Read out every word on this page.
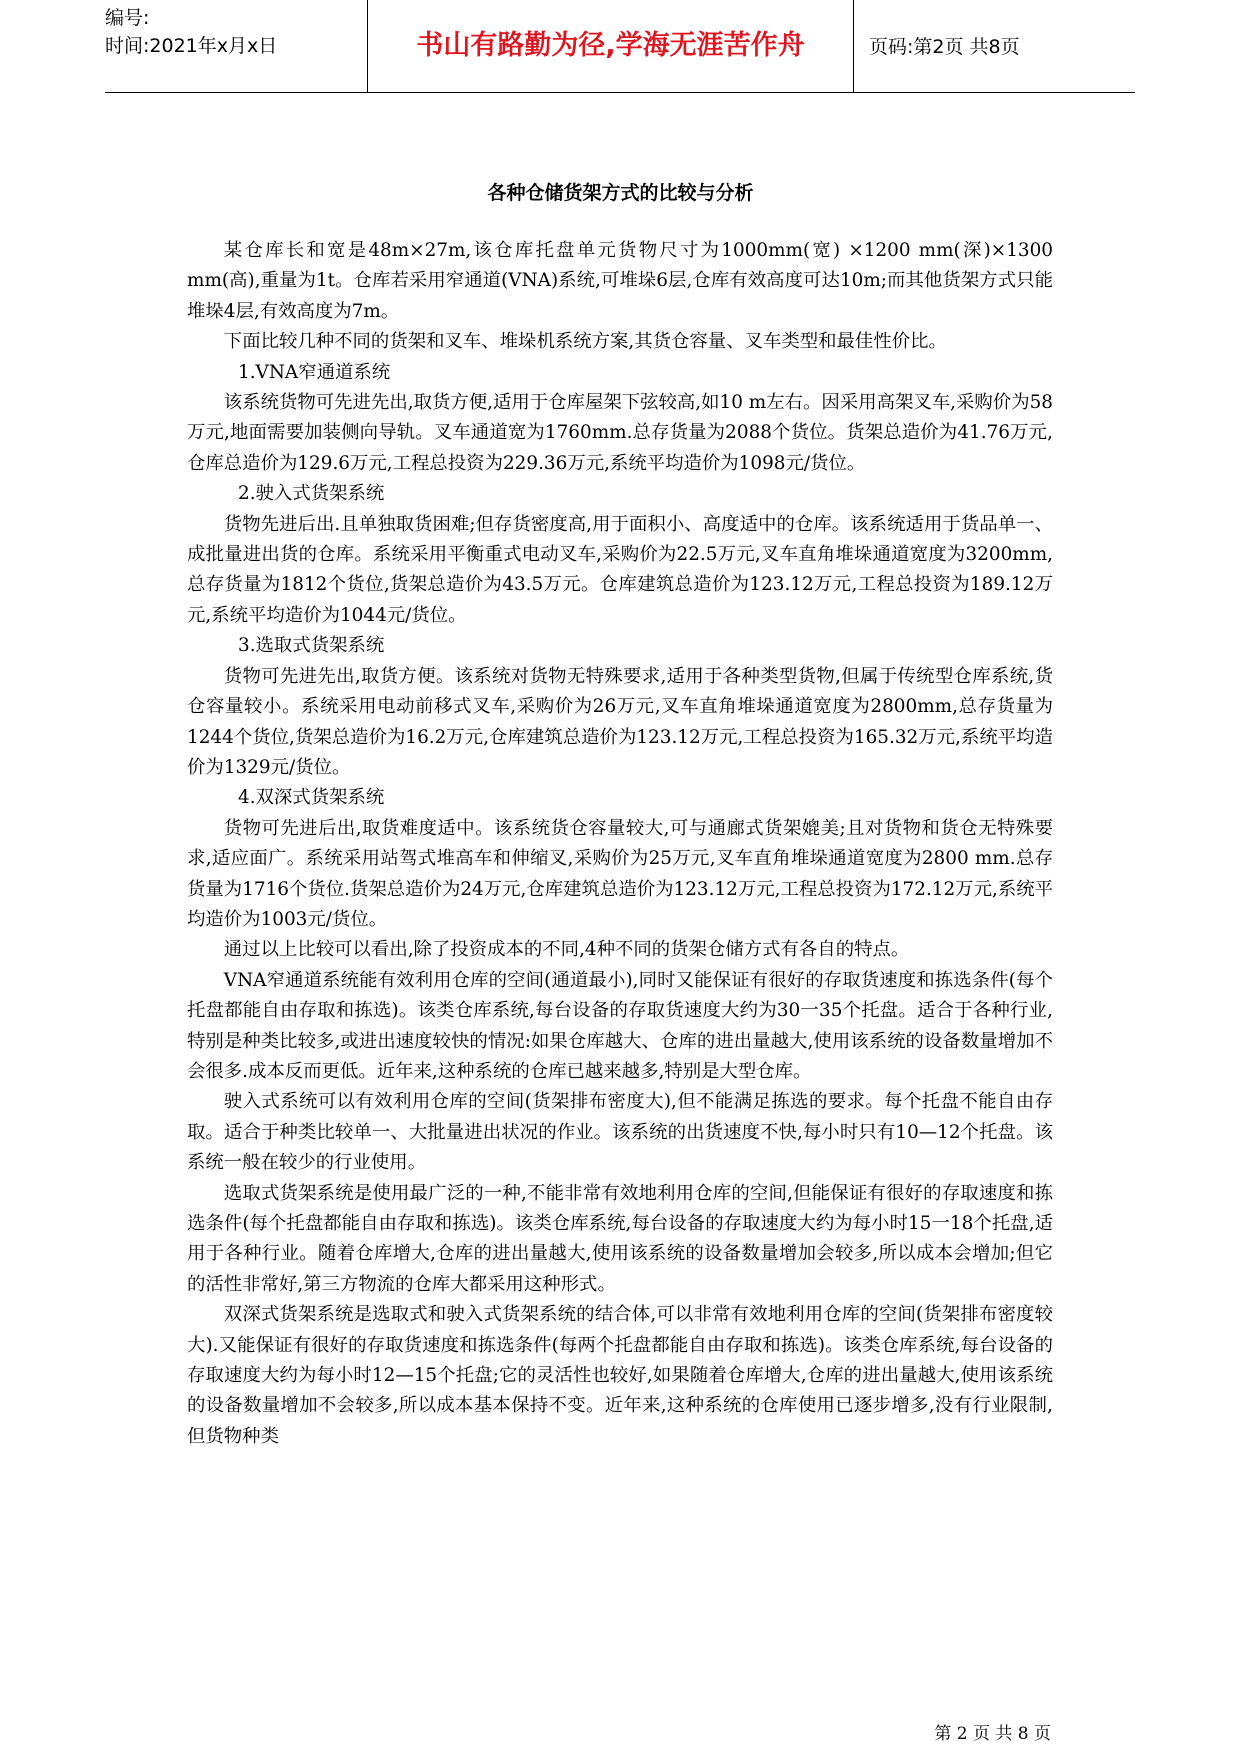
编号:
时间:2021年x月x日	书山有路勤为径,学海无涯苦作舟	页码:第2页 共8页
各种仓储货架方式的比较与分析

某仓库长和宽是48m×27m,该仓库托盘单元货物尺寸为1000mm(宽) ×1200 mm(深)×1300 mm(高),重量为1t。仓库若采用窄通道(VNA)系统,可堆垛6层,仓库有效高度可达10m;而其他货架方式只能堆垛4层,有效高度为7m。

下面比较几种不同的货架和叉车、堆垛机系统方案,其货仓容量、叉车类型和最佳性价比。

1.VNA窄通道系统

该系统货物可先进先出,取货方便,适用于仓库屋架下弦较高,如10 m左右。因采用高架叉车,采购价为58万元,地面需要加装侧向导轨。叉车通道宽为1760mm.总存货量为2088个货位。货架总造价为41.76万元,仓库总造价为129.6万元,工程总投资为229.36万元,系统平均造价为1098元/货位。

2.驶入式货架系统

货物先进后出.且单独取货困难;但存货密度高,用于面积小、高度适中的仓库。该系统适用于货品单一、成批量进出货的仓库。系统采用平衡重式电动叉车,采购价为22.5万元,叉车直角堆垛通道宽度为3200mm,总存货量为1812个货位,货架总造价为43.5万元。仓库建筑总造价为123.12万元,工程总投资为189.12万元,系统平均造价为1044元/货位。

3.选取式货架系统

货物可先进先出,取货方便。该系统对货物无特殊要求,适用于各种类型货物,但属于传统型仓库系统,货仓容量较小。系统采用电动前移式叉车,采购价为26万元,叉车直角堆垛通道宽度为2800mm,总存货量为1244个货位,货架总造价为16.2万元,仓库建筑总造价为123.12万元,工程总投资为165.32万元,系统平均造价为1329元/货位。

4.双深式货架系统

货物可先进后出,取货难度适中。该系统货仓容量较大,可与通廊式货架媲美;且对货物和货仓无特殊要求,适应面广。系统采用站驾式堆高车和伸缩叉,采购价为25万元,叉车直角堆垛通道宽度为2800 mm.总存货量为1716个货位.货架总造价为24万元,仓库建筑总造价为123.12万元,工程总投资为172.12万元,系统平均造价为1003元/货位。

通过以上比较可以看出,除了投资成本的不同,4种不同的货架仓储方式有各自的特点。

VNA窄通道系统能有效利用仓库的空间(通道最小),同时又能保证有很好的存取货速度和拣选条件(每个托盘都能自由存取和拣选)。该类仓库系统,每台设备的存取货速度大约为30一35个托盘。适合于各种行业,特别是种类比较多,或进出速度较快的情况:如果仓库越大、仓库的进出量越大,使用该系统的设备数量增加不会很多.成本反而更低。近年来,这种系统的仓库已越来越多,特别是大型仓库。

驶入式系统可以有效利用仓库的空间(货架排布密度大),但不能满足拣选的要求。每个托盘不能自由存取。适合于种类比较单一、大批量进出状况的作业。该系统的出货速度不快,每小时只有10—12个托盘。该系统一般在较少的行业使用。

选取式货架系统是使用最广泛的一种,不能非常有效地利用仓库的空间,但能保证有很好的存取速度和拣选条件(每个托盘都能自由存取和拣选)。该类仓库系统,每台设备的存取速度大约为每小时15一18个托盘,适用于各种行业。随着仓库增大,仓库的进出量越大,使用该系统的设备数量增加会较多,所以成本会增加;但它的活性非常好,第三方物流的仓库大都采用这种形式。

双深式货架系统是选取式和驶入式货架系统的结合体,可以非常有效地利用仓库的空间(货架排布密度较大).又能保证有很好的存取货速度和拣选条件(每两个托盘都能自由存取和拣选)。该类仓库系统,每台设备的存取速度大约为每小时12—15个托盘;它的灵活性也较好,如果随着仓库增大,仓库的进出量越大,使用该系统的设备数量增加不会较多,所以成本基本保持不变。近年来,这种系统的仓库使用已逐步增多,没有行业限制,但货物种类

第 2 页 共 8 页
